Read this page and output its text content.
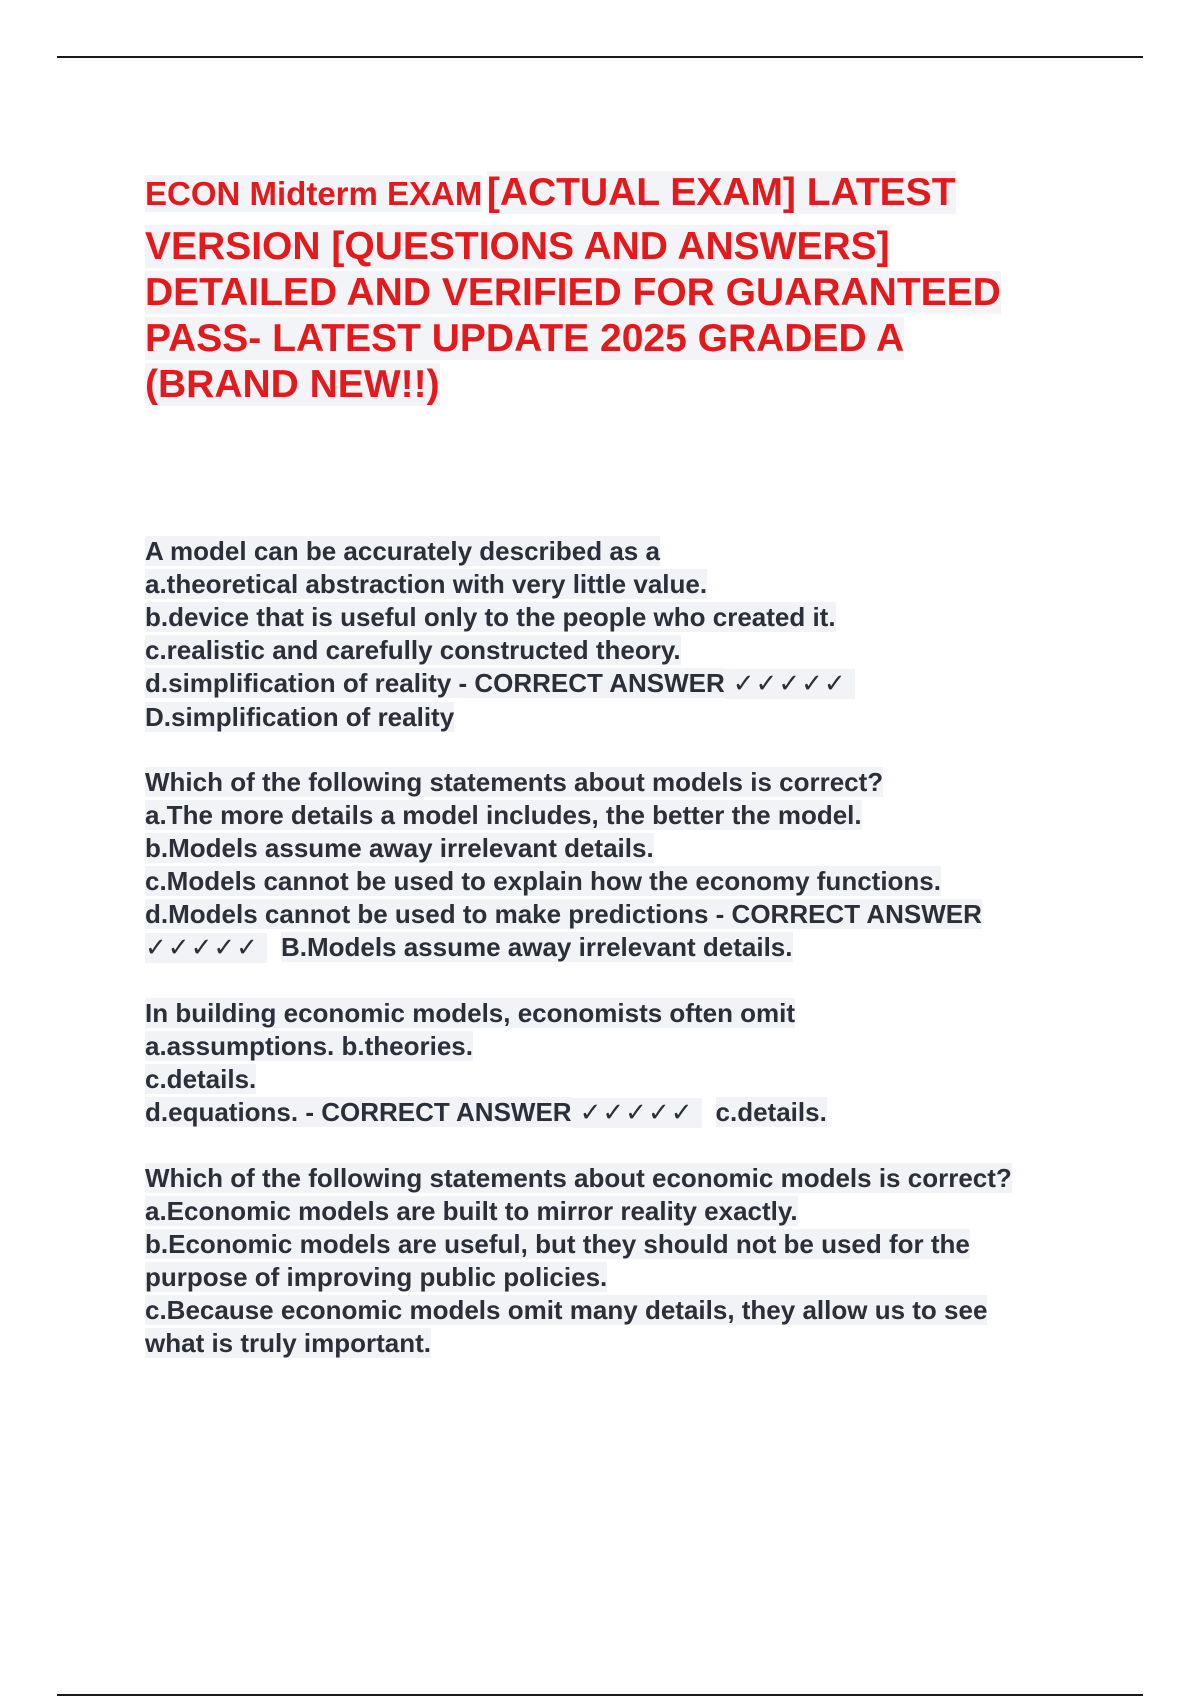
ECON Midterm EXAM [ACTUAL EXAM] LATEST
VERSION [QUESTIONS AND ANSWERS]
DETAILED AND VERIFIED FOR GUARANTEED
PASS- LATEST UPDATE 2025 GRADED A
(BRAND NEW!!)
A model can be accurately described as a
a.theoretical abstraction with very little value.
b.device that is useful only to the people who created it.
c.realistic and carefully constructed theory.
d.simplification of reality - CORRECT ANSWER ✓✓✓✓✓
D.simplification of reality
Which of the following statements about models is correct?
a.The more details a model includes, the better the model.
b.Models assume away irrelevant details.
c.Models cannot be used to explain how the economy functions.
d.Models cannot be used to make predictions - CORRECT ANSWER
✓✓✓✓✓ B.Models assume away irrelevant details.
In building economic models, economists often omit
a.assumptions. b.theories.
c.details.
d.equations. - CORRECT ANSWER ✓✓✓✓✓ c.details.
Which of the following statements about economic models is correct?
a.Economic models are built to mirror reality exactly.
b.Economic models are useful, but they should not be used for the
purpose of improving public policies.
c.Because economic models omit many details, they allow us to see
what is truly important.
